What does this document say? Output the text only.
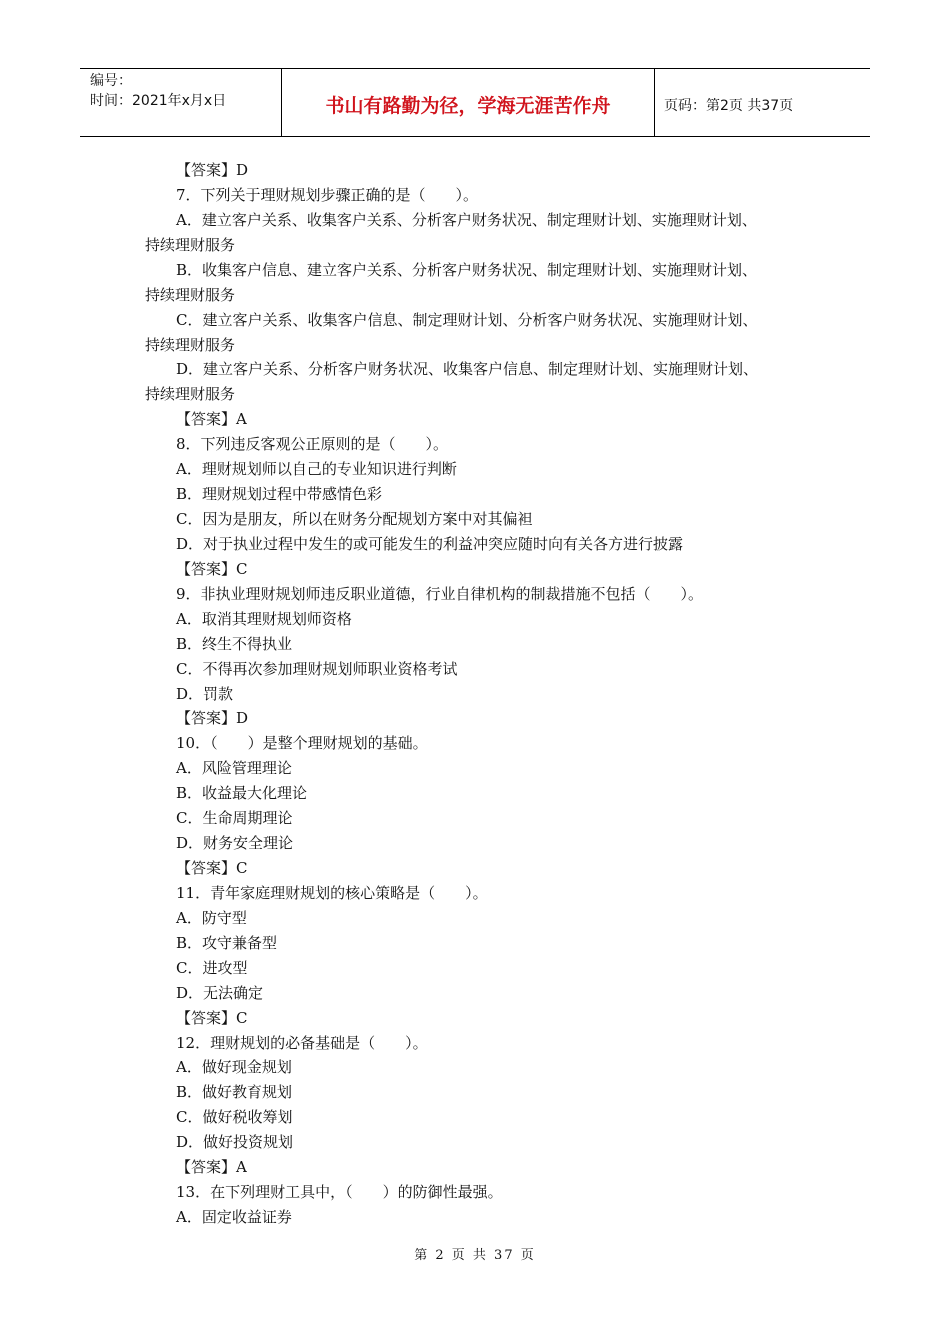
编号：
时间：2021年x月x日	书山有路勤为径，学海无涯苦作舟	页码：第2页 共37页
【答案】D
7．下列关于理财规划步骤正确的是（　　）。
A．建立客户关系、收集客户关系、分析客户财务状况、制定理财计划、实施理财计划、
持续理财服务
B．收集客户信息、建立客户关系、分析客户财务状况、制定理财计划、实施理财计划、
持续理财服务
C．建立客户关系、收集客户信息、制定理财计划、分析客户财务状况、实施理财计划、
持续理财服务
D．建立客户关系、分析客户财务状况、收集客户信息、制定理财计划、实施理财计划、
持续理财服务
【答案】A
8．下列违反客观公正原则的是（　　）。
A．理财规划师以自己的专业知识进行判断
B．理财规划过程中带感情色彩
C．因为是朋友，所以在财务分配规划方案中对其偏袒
D．对于执业过程中发生的或可能发生的利益冲突应随时向有关各方进行披露
【答案】C
9．非执业理财规划师违反职业道德，行业自律机构的制裁措施不包括（　　）。
A．取消其理财规划师资格
B．终生不得执业
C．不得再次参加理财规划师职业资格考试
D．罚款
【答案】D
10．（　　）是整个理财规划的基础。
A．风险管理理论
B．收益最大化理论
C．生命周期理论
D．财务安全理论
【答案】C
11．青年家庭理财规划的核心策略是（　　）。
A．防守型
B．攻守兼备型
C．进攻型
D．无法确定
【答案】C
12．理财规划的必备基础是（　　）。
A．做好现金规划
B．做好教育规划
C．做好税收筹划
D．做好投资规划
【答案】A
13．在下列理财工具中，（　　）的防御性最强。
A．固定收益证券
第 2 页 共 37 页
